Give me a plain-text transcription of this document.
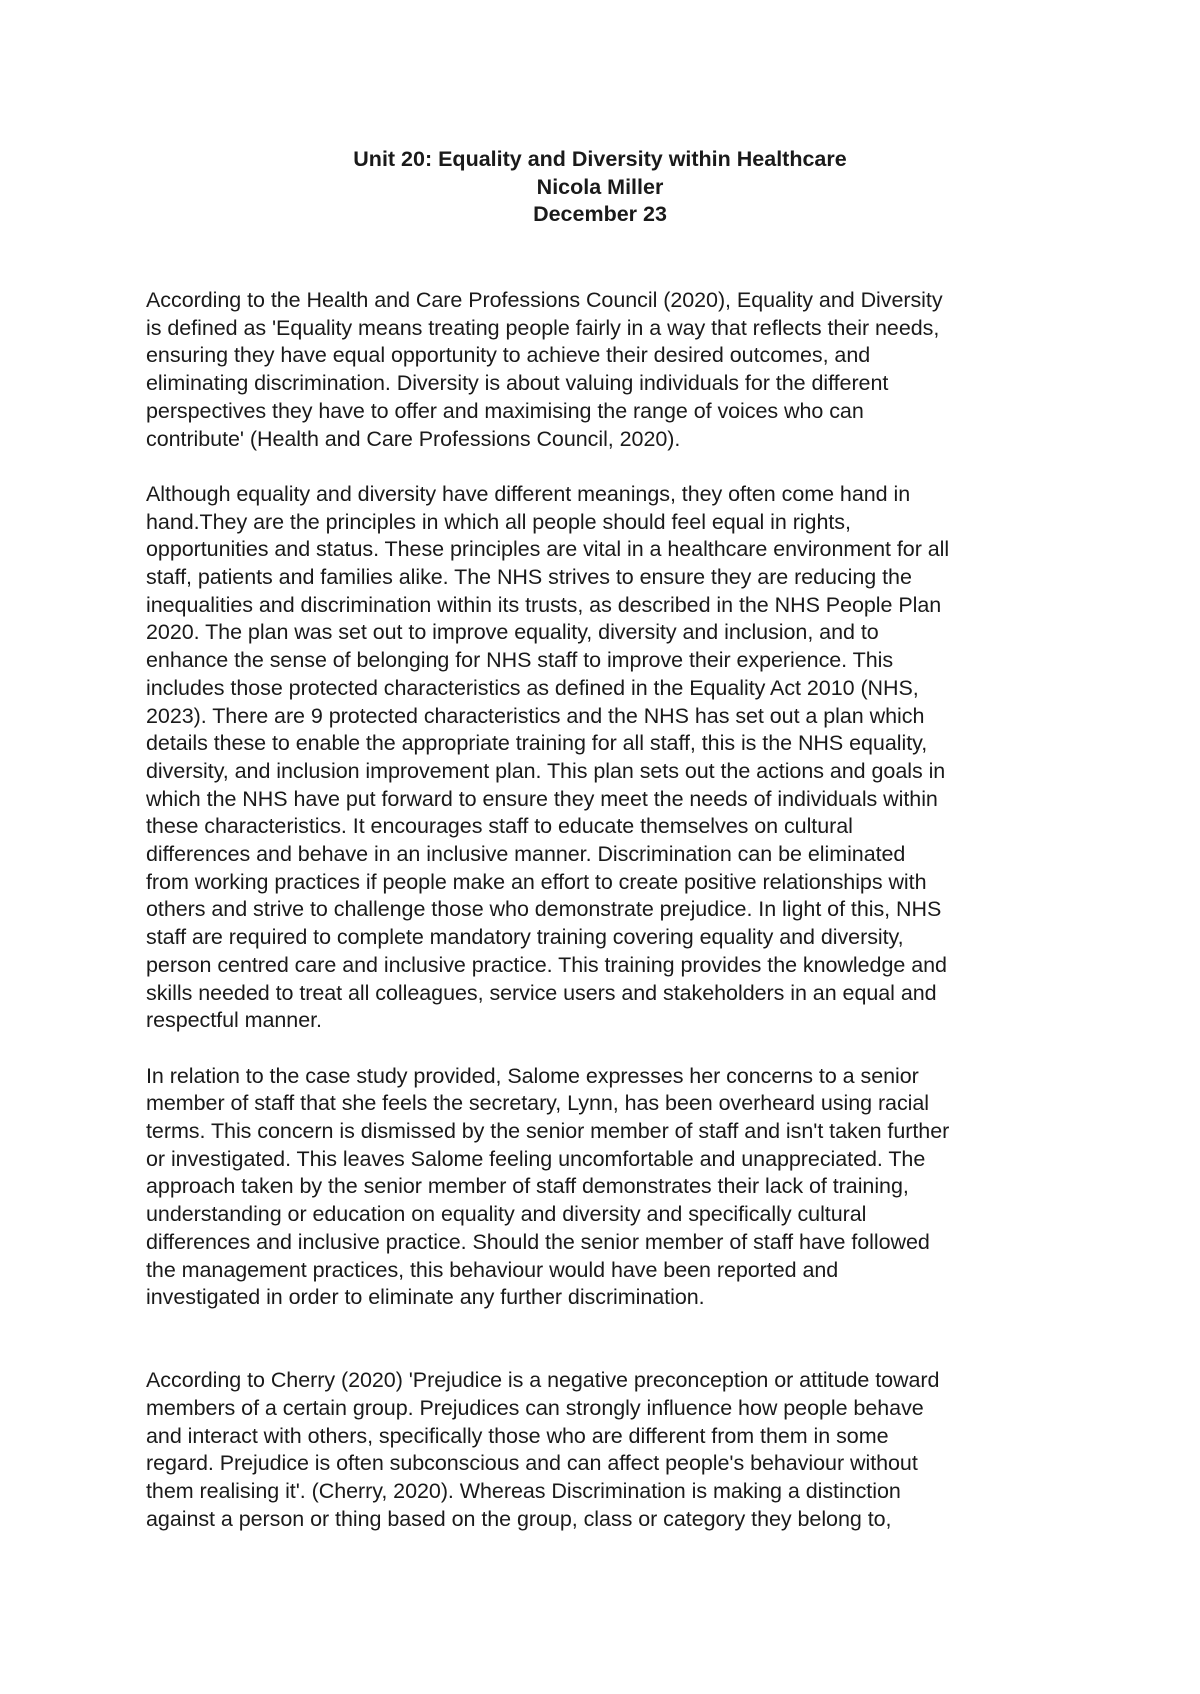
Unit 20: Equality and Diversity within Healthcare
Nicola Miller
December 23

According to the Health and Care Professions Council (2020), Equality and Diversity
is defined as 'Equality means treating people fairly in a way that reflects their needs,
ensuring they have equal opportunity to achieve their desired outcomes, and
eliminating discrimination. Diversity is about valuing individuals for the different
perspectives they have to offer and maximising the range of voices who can
contribute' (Health and Care Professions Council, 2020).

Although equality and diversity have different meanings, they often come hand in
hand.They are the principles in which all people should feel equal in rights,
opportunities and status. These principles are vital in a healthcare environment for all
staff, patients and families alike. The NHS strives to ensure they are reducing the
inequalities and discrimination within its trusts, as described in the NHS People Plan
2020. The plan was set out to improve equality, diversity and inclusion, and to
enhance the sense of belonging for NHS staff to improve their experience. This
includes those protected characteristics as defined in the Equality Act 2010 (NHS,
2023). There are 9 protected characteristics and the NHS has set out a plan which
details these to enable the appropriate training for all staff, this is the NHS equality,
diversity, and inclusion improvement plan. This plan sets out the actions and goals in
which the NHS have put forward to ensure they meet the needs of individuals within
these characteristics. It encourages staff to educate themselves on cultural
differences and behave in an inclusive manner. Discrimination can be eliminated
from working practices if people make an effort to create positive relationships with
others and strive to challenge those who demonstrate prejudice. In light of this, NHS
staff are required to complete mandatory training covering equality and diversity,
person centred care and inclusive practice. This training provides the knowledge and
skills needed to treat all colleagues, service users and stakeholders in an equal and
respectful manner.

In relation to the case study provided, Salome expresses her concerns to a senior
member of staff that she feels the secretary, Lynn, has been overheard using racial
terms. This concern is dismissed by the senior member of staff and isn't taken further
or investigated. This leaves Salome feeling uncomfortable and unappreciated. The
approach taken by the senior member of staff demonstrates their lack of training,
understanding or education on equality and diversity and specifically cultural
differences and inclusive practice. Should the senior member of staff have followed
the management practices, this behaviour would have been reported and
investigated in order to eliminate any further discrimination.

According to Cherry (2020) 'Prejudice is a negative preconception or attitude toward
members of a certain group. Prejudices can strongly influence how people behave
and interact with others, specifically those who are different from them in some
regard. Prejudice is often subconscious and can affect people's behaviour without
them realising it'. (Cherry, 2020). Whereas Discrimination is making a distinction
against a person or thing based on the group, class or category they belong to,
